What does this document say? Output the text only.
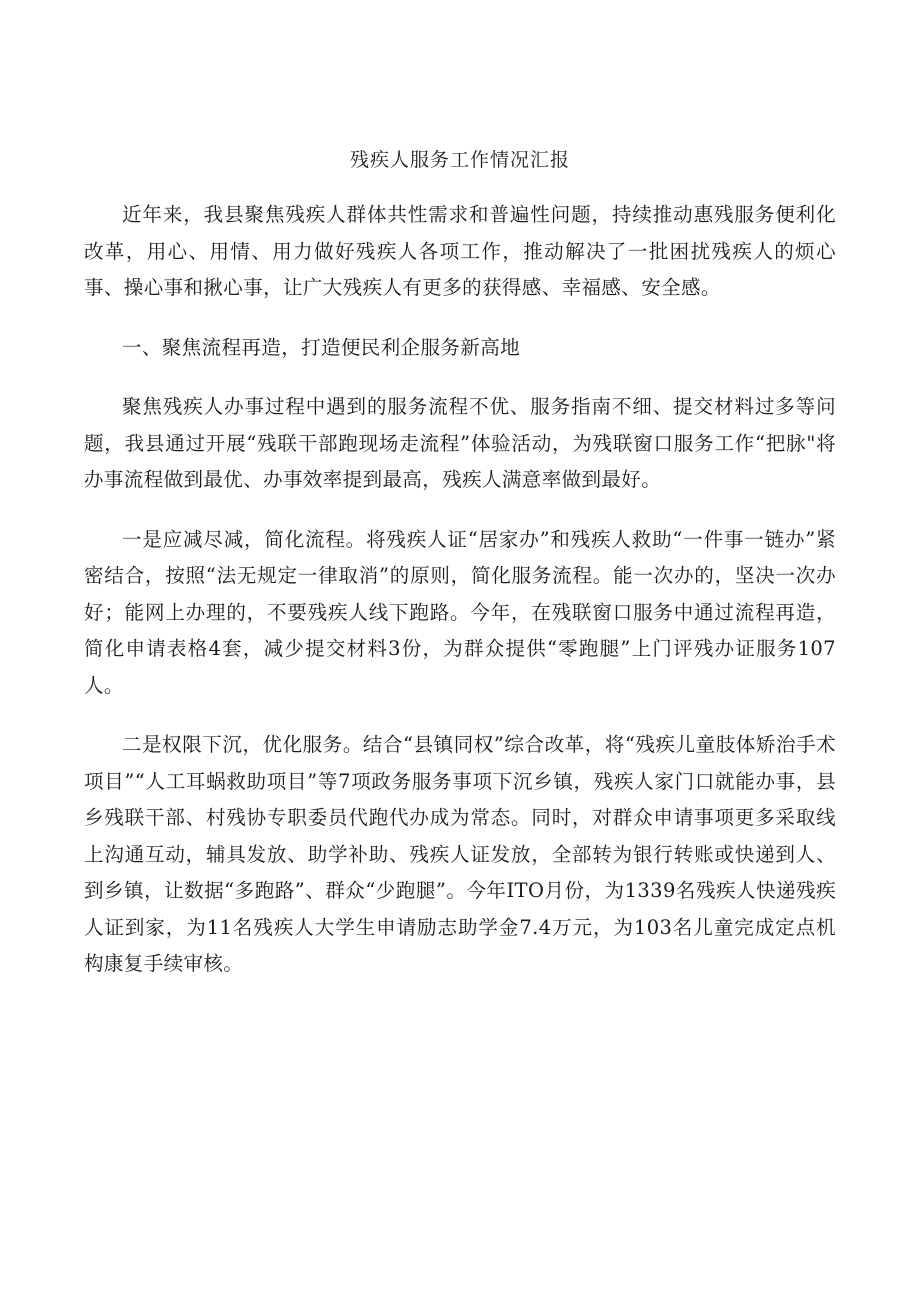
残疾人服务工作情况汇报

近年来，我县聚焦残疾人群体共性需求和普遍性问题，持续推动惠残服务便利化改革，用心、用情、用力做好残疾人各项工作，推动解决了一批困扰残疾人的烦心事、操心事和揪心事，让广大残疾人有更多的获得感、幸福感、安全感。

一、聚焦流程再造，打造便民利企服务新高地

聚焦残疾人办事过程中遇到的服务流程不优、服务指南不细、提交材料过多等问题，我县通过开展“残联干部跑现场走流程”体验活动，为残联窗口服务工作“把脉"将办事流程做到最优、办事效率提到最高，残疾人满意率做到最好。

一是应减尽减，简化流程。将残疾人证“居家办”和残疾人救助“一件事一链办”紧密结合，按照“法无规定一律取消”的原则，简化服务流程。能一次办的，坚决一次办好；能网上办理的，不要残疾人线下跑路。今年，在残联窗口服务中通过流程再造，简化申请表格4套，减少提交材料3份，为群众提供“零跑腿”上门评残办证服务107人。

二是权限下沉，优化服务。结合“县镇同权”综合改革，将“残疾儿童肢体矫治手术项目”“人工耳蜗救助项目”等7项政务服务事项下沉乡镇，残疾人家门口就能办事，县乡残联干部、村残协专职委员代跑代办成为常态。同时，对群众申请事项更多采取线上沟通互动，辅具发放、助学补助、残疾人证发放，全部转为银行转账或快递到人、到乡镇，让数据“多跑路”、群众“少跑腿”。今年ITO月份，为1339名残疾人快递残疾人证到家，为11名残疾人大学生申请励志助学金7.4万元，为103名儿童完成定点机构康复手续审核。
